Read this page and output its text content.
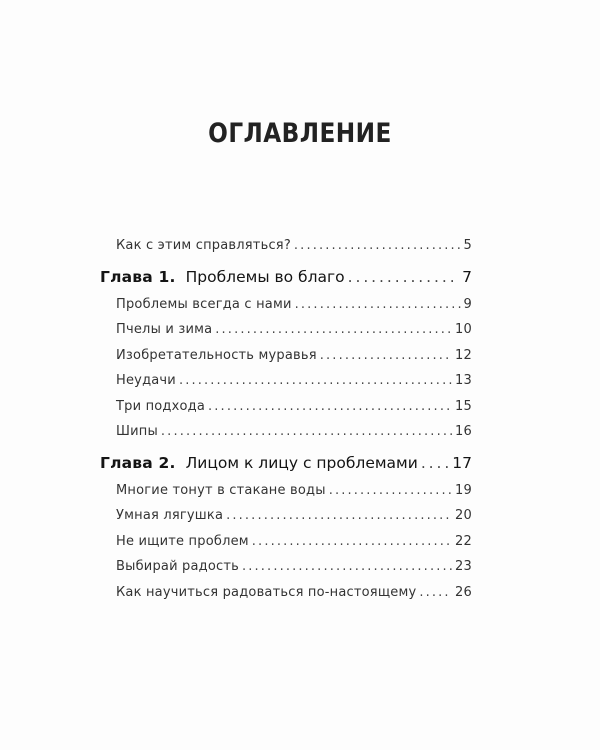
ОГЛАВЛЕНИЕ
Как с этим справляться? . . .	5
Глава 1. Проблемы во благо . . .	7
Проблемы всегда с нами . . .	9
Пчелы и зима . . .	10
Изобретательность муравья . . .	12
Неудачи . . .	13
Три подхода . . .	15
Шипы . . .	16
Глава 2. Лицом к лицу с проблемами . . . 17
Многие тонут в стакане воды . . .	19
Умная лягушка . . .	20
Не ищите проблем . . .	22
Выбирай радость . . .	23
Как научиться радоваться по-настоящему . . .	26
